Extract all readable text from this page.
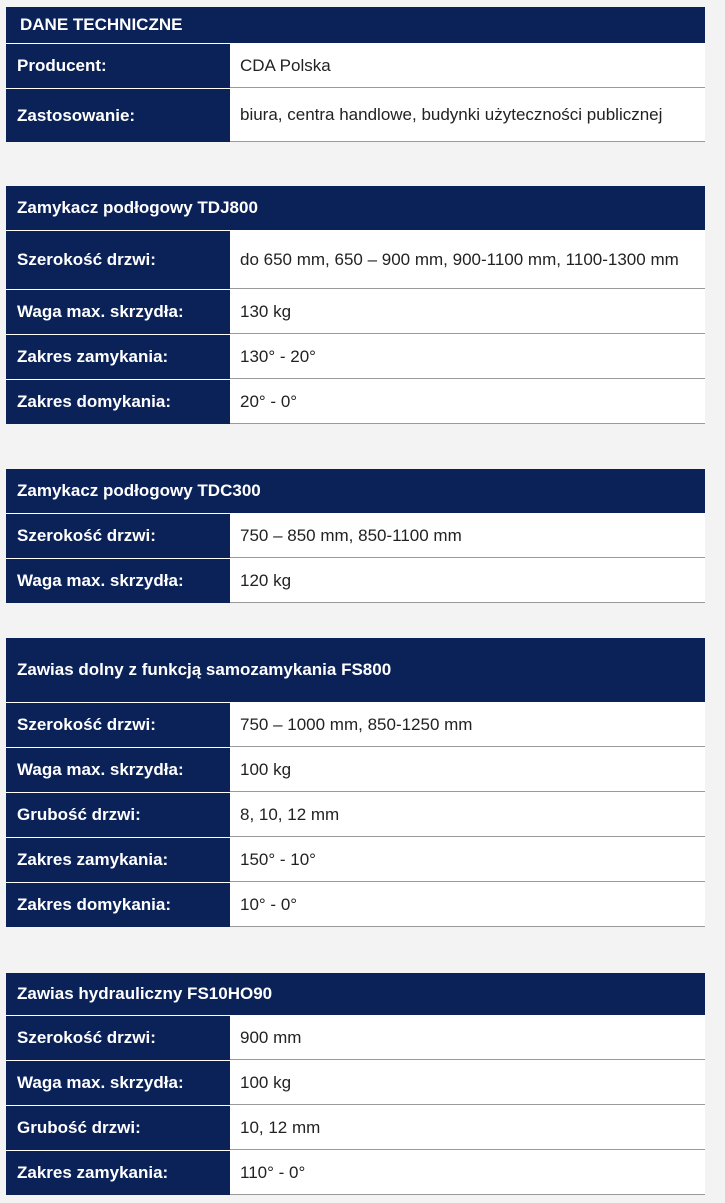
DANE TECHNICZNE
Producent:	CDA Polska
Zastosowanie:	biura, centra handlowe, budynki użyteczności publicznej
Zamykacz podłogowy TDJ800
Szerokość drzwi:	do 650 mm, 650 – 900 mm, 900-1100 mm, 1100-1300 mm
Waga max. skrzydła:	130 kg
Zakres zamykania:	130° - 20°
Zakres domykania:	20° - 0°
Zamykacz podłogowy TDC300
Szerokość drzwi:	750 – 850 mm, 850-1100 mm
Waga max. skrzydła:	120 kg
Zawias dolny z funkcją samozamykania FS800
Szerokość drzwi:	750 – 1000 mm, 850-1250 mm
Waga max. skrzydła:	100 kg
Grubość drzwi:	8, 10, 12 mm
Zakres zamykania:	150° - 10°
Zakres domykania:	10° - 0°
Zawias hydrauliczny FS10HO90
Szerokość drzwi:	900 mm
Waga max. skrzydła:	100 kg
Grubość drzwi:	10, 12 mm
Zakres zamykania:	110° - 0°
